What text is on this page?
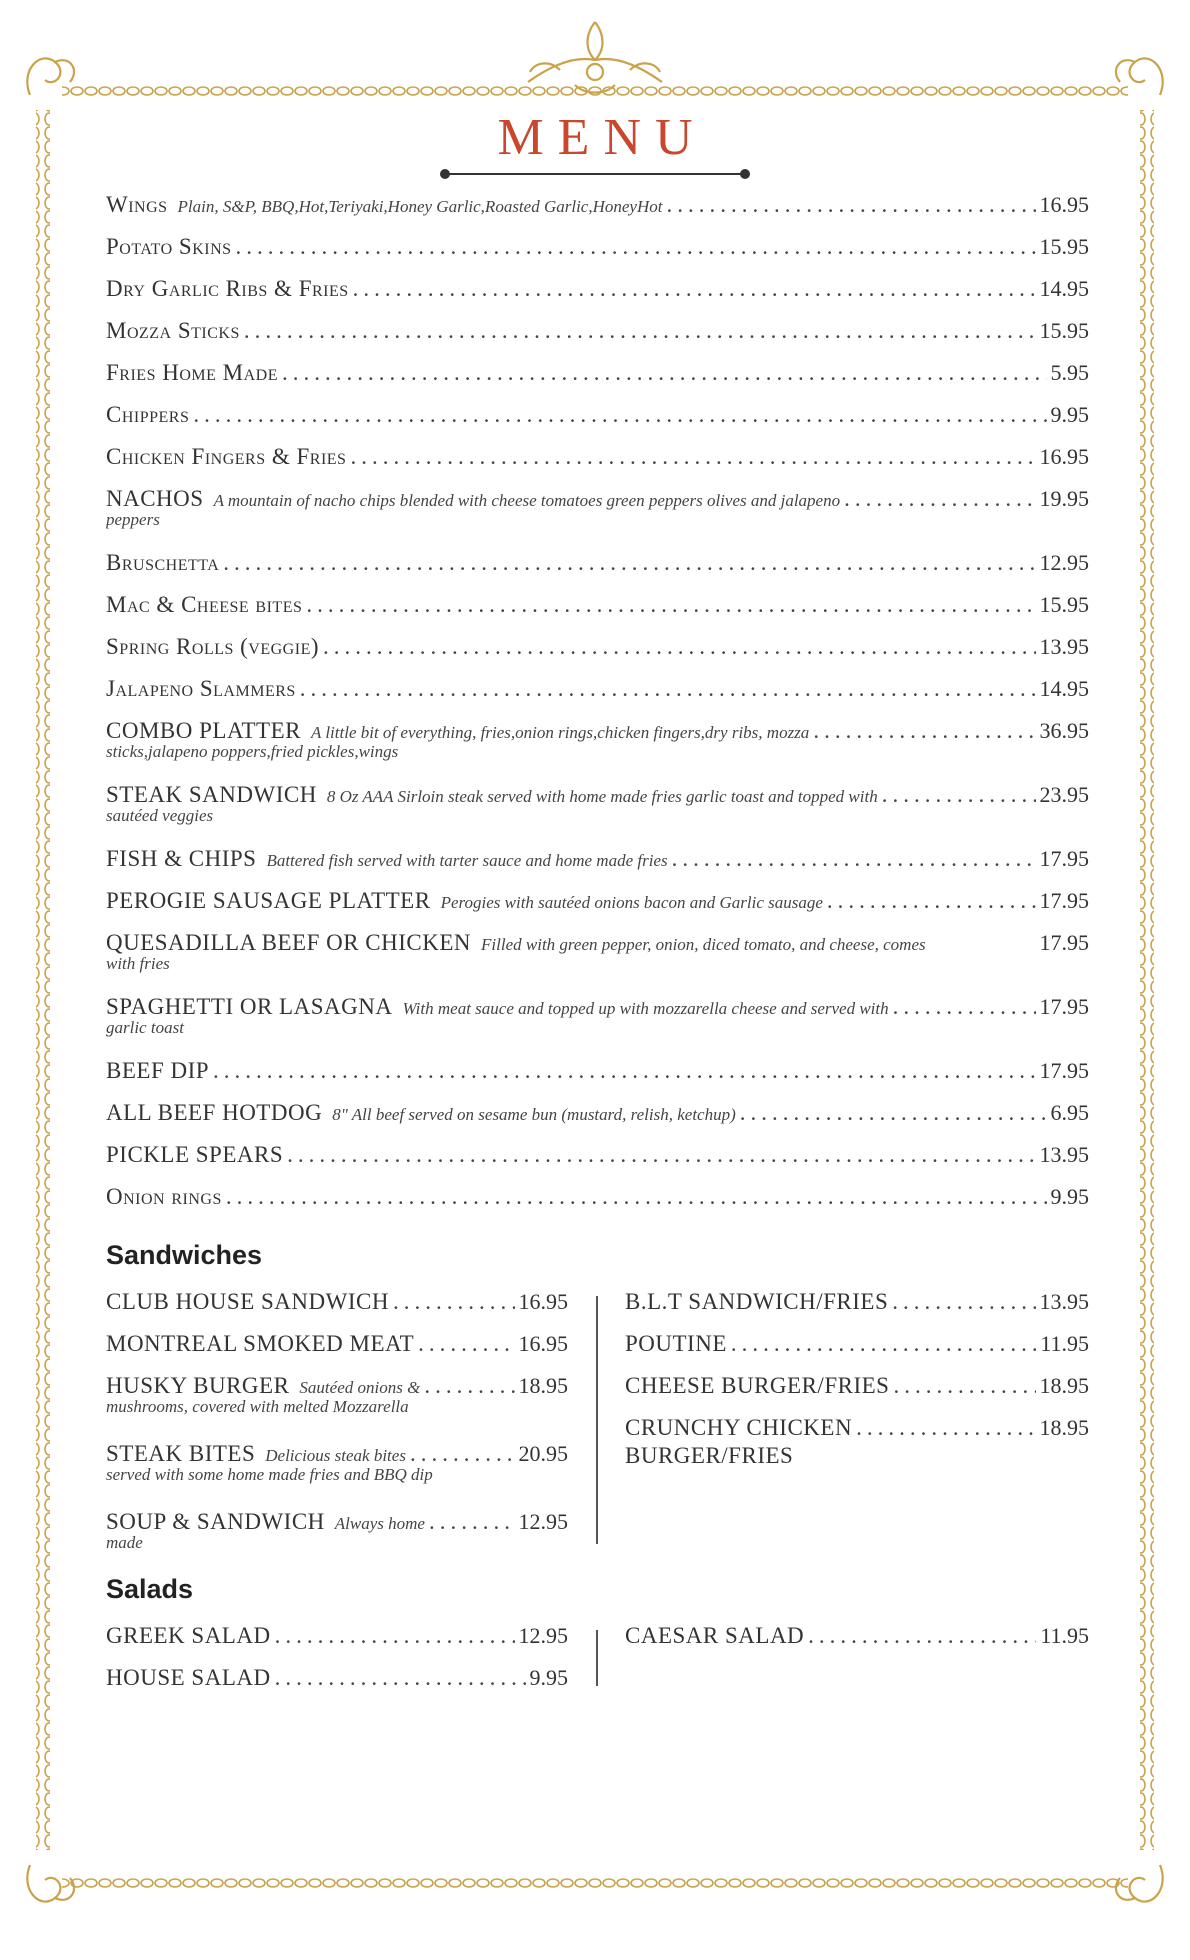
MENU
Wings Plain, S&P, BBQ,Hot,Teriyaki,Honey Garlic,Roasted Garlic,HoneyHot .....	16.95
Potato Skins .....	15.95
Dry Garlic Ribs & Fries .....	14.95
Mozza Sticks .....	15.95
Fries Home Made .....	5.95
Chippers .....	9.95
Chicken Fingers & Fries .....	16.95
NACHOS A mountain of nacho chips blended with cheese tomatoes green peppers olives and jalapeno .....	19.95
peppers
Bruschetta .....	12.95
Mac & Cheese bites .....	15.95
Spring Rolls (veggie) .....	13.95
Jalapeno Slammers .....	14.95
COMBO PLATTER A little bit of everything, fries,onion rings,chicken fingers,dry ribs, mozza .....	36.95
sticks,jalapeno poppers,fried pickles,wings
STEAK SANDWICH 8 Oz AAA Sirloin steak served with home made fries garlic toast and topped with .....	23.95
sautéed veggies
FISH & CHIPS Battered fish served with tarter sauce and home made fries .....	17.95
PEROGIE SAUSAGE PLATTER Perogies with sautéed onions bacon and Garlic sausage .....	17.95
QUESADILLA BEEF OR CHICKEN Filled with green pepper, onion, diced tomato, and cheese, comes	17.95
with fries
SPAGHETTI OR LASAGNA With meat sauce and topped up with mozzarella cheese and served with .....	17.95
garlic toast
BEEF DIP .....	17.95
ALL BEEF HOTDOG 8" All beef served on sesame bun (mustard, relish, ketchup) .....	6.95
PICKLE SPEARS .....	13.95
Onion rings .....	9.95
Sandwiches
CLUB HOUSE SANDWICH .....	16.95
MONTREAL SMOKED MEAT .....	16.95
HUSKY BURGER Sautéed onions & .....	18.95
mushrooms, covered with melted Mozzarella
STEAK BITES Delicious steak bites .....	20.95
served with some home made fries and BBQ dip
SOUP & SANDWICH Always home .....	12.95
made
B.L.T SANDWICH/FRIES .....	13.95
POUTINE .....	11.95
CHEESE BURGER/FRIES .....	18.95
CRUNCHY CHICKEN .....	18.95
BURGER/FRIES
Salads
GREEK SALAD .....	12.95
HOUSE SALAD .....	9.95
CAESAR SALAD .....	11.95
